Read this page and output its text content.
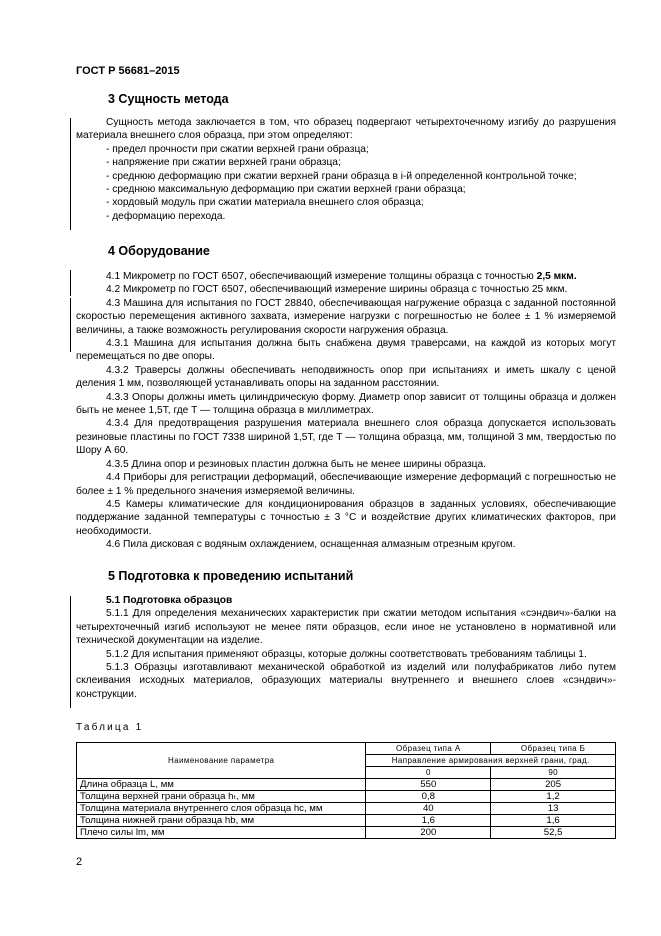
ГОСТ Р 56681–2015
3 Сущность метода

Сущность метода заключается в том, что образец подвергают четырехточечному изгибу до разрушения материала внешнего слоя образца, при этом определяют:

- предел прочности при сжатии верхней грани образца;

- напряжение при сжатии верхней грани образца;

- среднюю деформацию при сжатии верхней грани образца в i-й определенной контрольной точке;

- среднюю максимальную деформацию при сжатии верхней грани образца;

- хордовый модуль при сжатии материала внешнего слоя образца;

- деформацию перехода.

4 Оборудование

4.1 Микрометр по ГОСТ 6507, обеспечивающий измерение толщины образца с точностью 2,5 мкм.

4.2 Микрометр по ГОСТ 6507, обеспечивающий измерение ширины образца с точностью 25 мкм.

4.3 Машина для испытания по ГОСТ 28840, обеспечивающая нагружение образца с заданной постоянной скоростью перемещения активного захвата, измерение нагрузки с погрешностью не более ± 1 % измеряемой величины, а также возможность регулирования скорости нагружения образца.

4.3.1 Машина для испытания должна быть снабжена двумя траверсами, на каждой из которых могут перемещаться по две опоры.

4.3.2 Траверсы должны обеспечивать неподвижность опор при испытаниях и иметь шкалу с ценой деления 1 мм, позволяющей устанавливать опоры на заданном расстоянии.

4.3.3 Опоры должны иметь цилиндрическую форму. Диаметр опор зависит от толщины образца и должен быть не менее 1,5T, где T — толщина образца в миллиметрах.

4.3.4 Для предотвращения разрушения материала внешнего слоя образца допускается использовать резиновые пластины по ГОСТ 7338 шириной 1,5T, где T — толщина образца, мм, толщиной 3 мм, твердостью по Шору А 60.

4.3.5 Длина опор и резиновых пластин должна быть не менее ширины образца.

4.4 Приборы для регистрации деформаций, обеспечивающие измерение деформаций с погрешностью не более ± 1 % предельного значения измеряемой величины.

4.5 Камеры климатические для кондиционирования образцов в заданных условиях, обеспечивающие поддержание заданной температуры с точностью ± 3 °С и воздействие других климатических факторов, при необходимости.

4.6 Пила дисковая с водяным охлаждением, оснащенная алмазным отрезным кругом.

5 Подготовка к проведению испытаний

5.1 Подготовка образцов

5.1.1 Для определения механических характеристик при сжатии методом испытания «сэндвич»-балки на четырехточечный изгиб используют не менее пяти образцов, если иное не установлено в нормативной или технической документации на изделие.

5.1.2 Для испытания применяют образцы, которые должны соответствовать требованиям таблицы 1.

5.1.3 Образцы изготавливают механической обработкой из изделий или полуфабрикатов либо путем склеивания исходных материалов, образующих материалы внутреннего и внешнего слоев «сэндвич»-конструкции.

Таблица 1
Наименование параметра	Образец типа А	Образец типа Б
	Направление армирования верхней грани, град.	
	0	90
Длина образца L, мм	550	205
Толщина верхней грани образца hₜ, мм	0,8	1,2
Толщина материала внутреннего слоя образца hc, мм	40	13
Толщина нижней грани образца hb, мм	1,6	1,6
Плечо силы lm, мм	200	52,5
2
